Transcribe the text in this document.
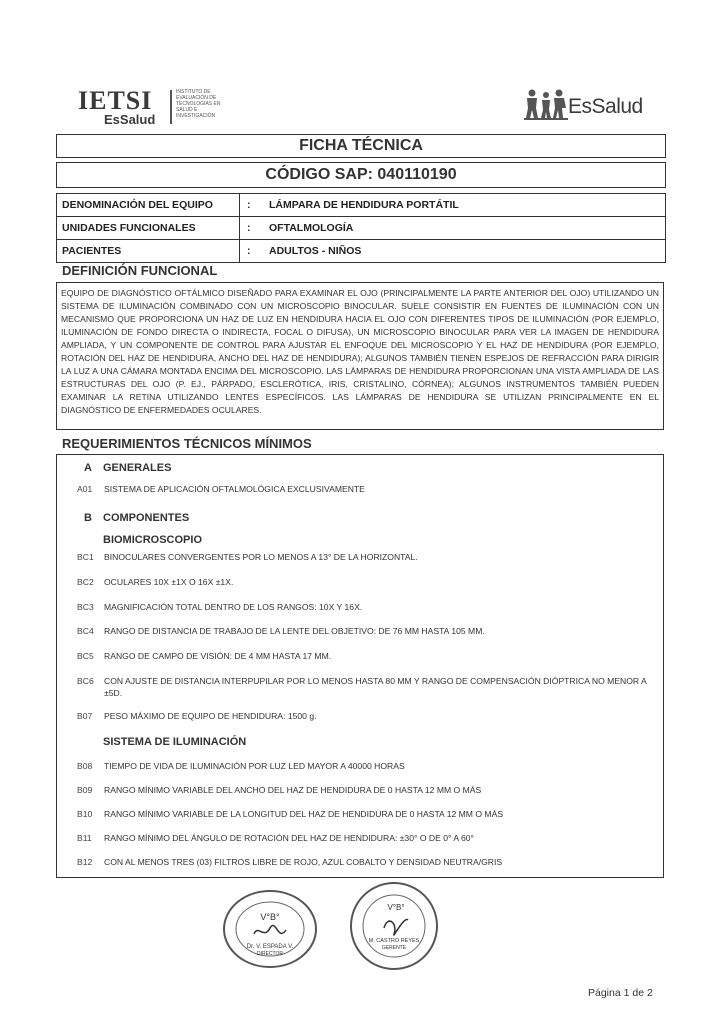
IETSI
EsSalud
INSTITUTO DE
EVALUACIÓN DE
TECNOLOGÍAS EN
SALUD E
INVESTIGACIÓN	EsSalud
FICHA TÉCNICA
CÓDIGO SAP: 040110190
DENOMINACIÓN DEL EQUIPO	: LÁMPARA DE HENDIDURA PORTÁTIL
UNIDADES FUNCIONALES	: OFTALMOLOGÍA
PACIENTES	: ADULTOS - NIÑOS
DEFINICIÓN FUNCIONAL
EQUIPO DE DIAGNÓSTICO OFTÁLMICO DISEÑADO PARA EXAMINAR EL OJO (PRINCIPALMENTE LA PARTE ANTERIOR DEL OJO) UTILIZANDO UN SISTEMA DE ILUMINACIÓN COMBINADO CON UN MICROSCOPIO BINOCULAR. SUELE CONSISTIR EN FUENTES DE ILUMINACIÓN CON UN MECANISMO QUE PROPORCIONA UN HAZ DE LUZ EN HENDIDURA HACIA EL OJO CON DIFERENTES TIPOS DE ILUMINACIÓN (POR EJEMPLO, ILUMINACIÓN DE FONDO DIRECTA O INDIRECTA, FOCAL O DIFUSA), UN MICROSCOPIO BINOCULAR PARA VER LA IMAGEN DE HENDIDURA AMPLIADA, Y UN COMPONENTE DE CONTROL PARA AJUSTAR EL ENFOQUE DEL MICROSCOPIO Y EL HAZ DE HENDIDURA (POR EJEMPLO, ROTACIÓN DEL HAZ DE HENDIDURA, ANCHO DEL HAZ DE HENDIDURA); ALGUNOS TAMBIÉN TIENEN ESPEJOS DE REFRACCIÓN PARA DIRIGIR LA LUZ A UNA CÁMARA MONTADA ENCIMA DEL MICROSCOPIO. LAS LÁMPARAS DE HENDIDURA PROPORCIONAN UNA VISTA AMPLIADA DE LAS ESTRUCTURAS DEL OJO (P. EJ., PÁRPADO, ESCLERÓTICA, IRIS, CRISTALINO, CÓRNEA); ALGUNOS INSTRUMENTOS TAMBIÉN PUEDEN EXAMINAR LA RETINA UTILIZANDO LENTES ESPECÍFICOS. LAS LÁMPARAS DE HENDIDURA SE UTILIZAN PRINCIPALMENTE EN EL DIAGNÓSTICO DE ENFERMEDADES OCULARES.
REQUERIMIENTOS TÉCNICOS MÍNIMOS
A GENERALES
A01 SISTEMA DE APLICACIÓN OFTALMOLÓGICA EXCLUSIVAMENTE
B COMPONENTES
BIOMICROSCOPIO
BC1 BINOCULARES CONVERGENTES POR LO MENOS A 13° DE LA HORIZONTAL.
BC2 OCULARES 10X ±1X O 16X ±1X.
BC3 MAGNIFICACIÓN TOTAL DENTRO DE LOS RANGOS: 10X Y 16X.
BC4 RANGO DE DISTANCIA DE TRABAJO DE LA LENTE DEL OBJETIVO: DE 76 MM HASTA 105 MM.
BC5 RANGO DE CAMPO DE VISIÓN: DE 4 MM HASTA 17 MM.
BC6 CON AJUSTE DE DISTANCIA INTERPUPILAR POR LO MENOS HASTA 80 MM Y RANGO DE COMPENSACIÓN DIÓPTRICA NO MENOR A ±5D.
B07 PESO MÁXIMO DE EQUIPO DE HENDIDURA: 1500 g.
SISTEMA DE ILUMINACIÓN
B08 TIEMPO DE VIDA DE ILUMINACIÓN POR LUZ LED MAYOR A 40000 HORAS
B09 RANGO MÍNIMO VARIABLE DEL ANCHO DEL HAZ DE HENDIDURA DE 0 HASTA 12 MM O MÁS
B10 RANGO MÍNIMO VARIABLE DE LA LONGITUD DEL HAZ DE HENDIDURA DE 0 HASTA 12 MM O MÁS
B11 RANGO MÍNIMO DEL ÁNGULO DE ROTACIÓN DEL HAZ DE HENDIDURA: ±30° O DE 0° A 60°
B12 CON AL MENOS TRES (03) FILTROS LIBRE DE ROJO, AZUL COBALTO Y DENSIDAD NEUTRA/GRIS
V°B°
Dr. V. ESPADA V.
DIRECTOR
V°B°
M. CASTRO REYES
GERENTE
Página 1 de 2
